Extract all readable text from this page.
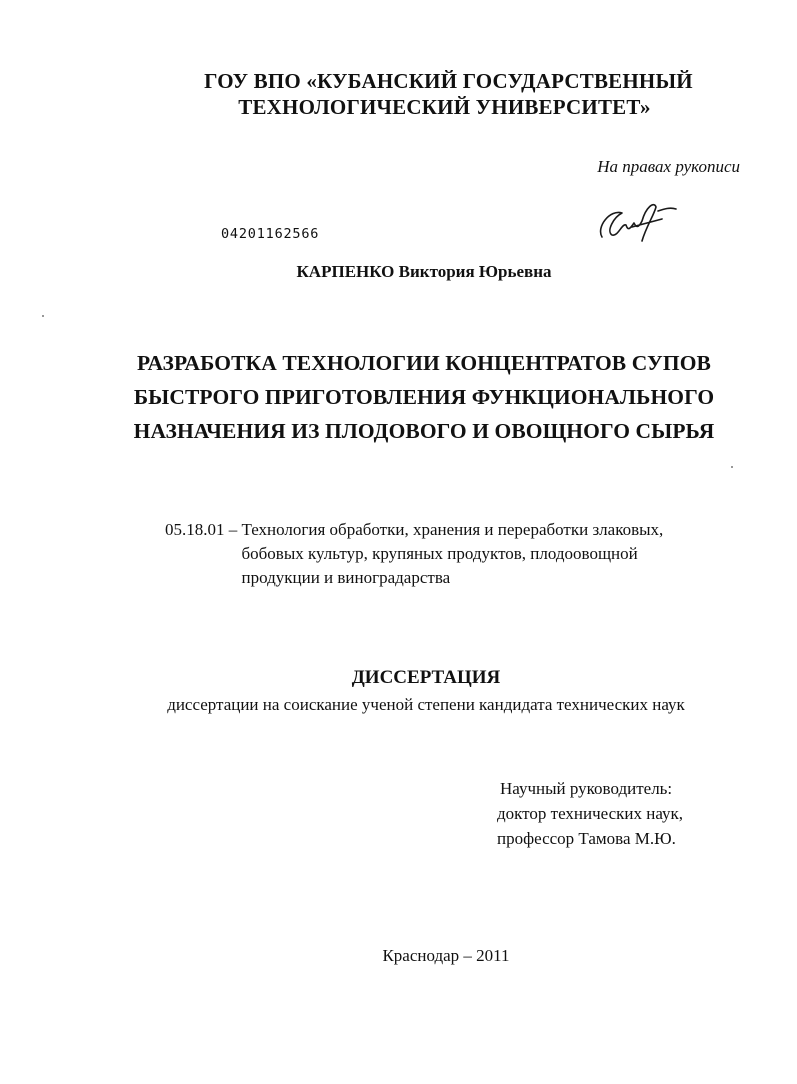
ГОУ ВПО «КУБАНСКИЙ ГОСУДАРСТВЕННЫЙ
ТЕХНОЛОГИЧЕСКИЙ УНИВЕРСИТЕТ»
На правах рукописи
04201162566
КАРПЕНКО Виктория Юрьевна
РАЗРАБОТКА ТЕХНОЛОГИИ КОНЦЕНТРАТОВ СУПОВ
БЫСТРОГО ПРИГОТОВЛЕНИЯ ФУНКЦИОНАЛЬНОГО
НАЗНАЧЕНИЯ ИЗ ПЛОДОВОГО И ОВОЩНОГО СЫРЬЯ
05.18.01 – Технология обработки, хранения и переработки злаковых,
бобовых культур, крупяных продуктов, плодоовощной
продукции и виноградарства
ДИССЕРТАЦИЯ
диссертации на соискание ученой степени кандидата технических наук
Научный руководитель:
доктор технических наук,
профессор Тамова М.Ю.
Краснодар – 2011
